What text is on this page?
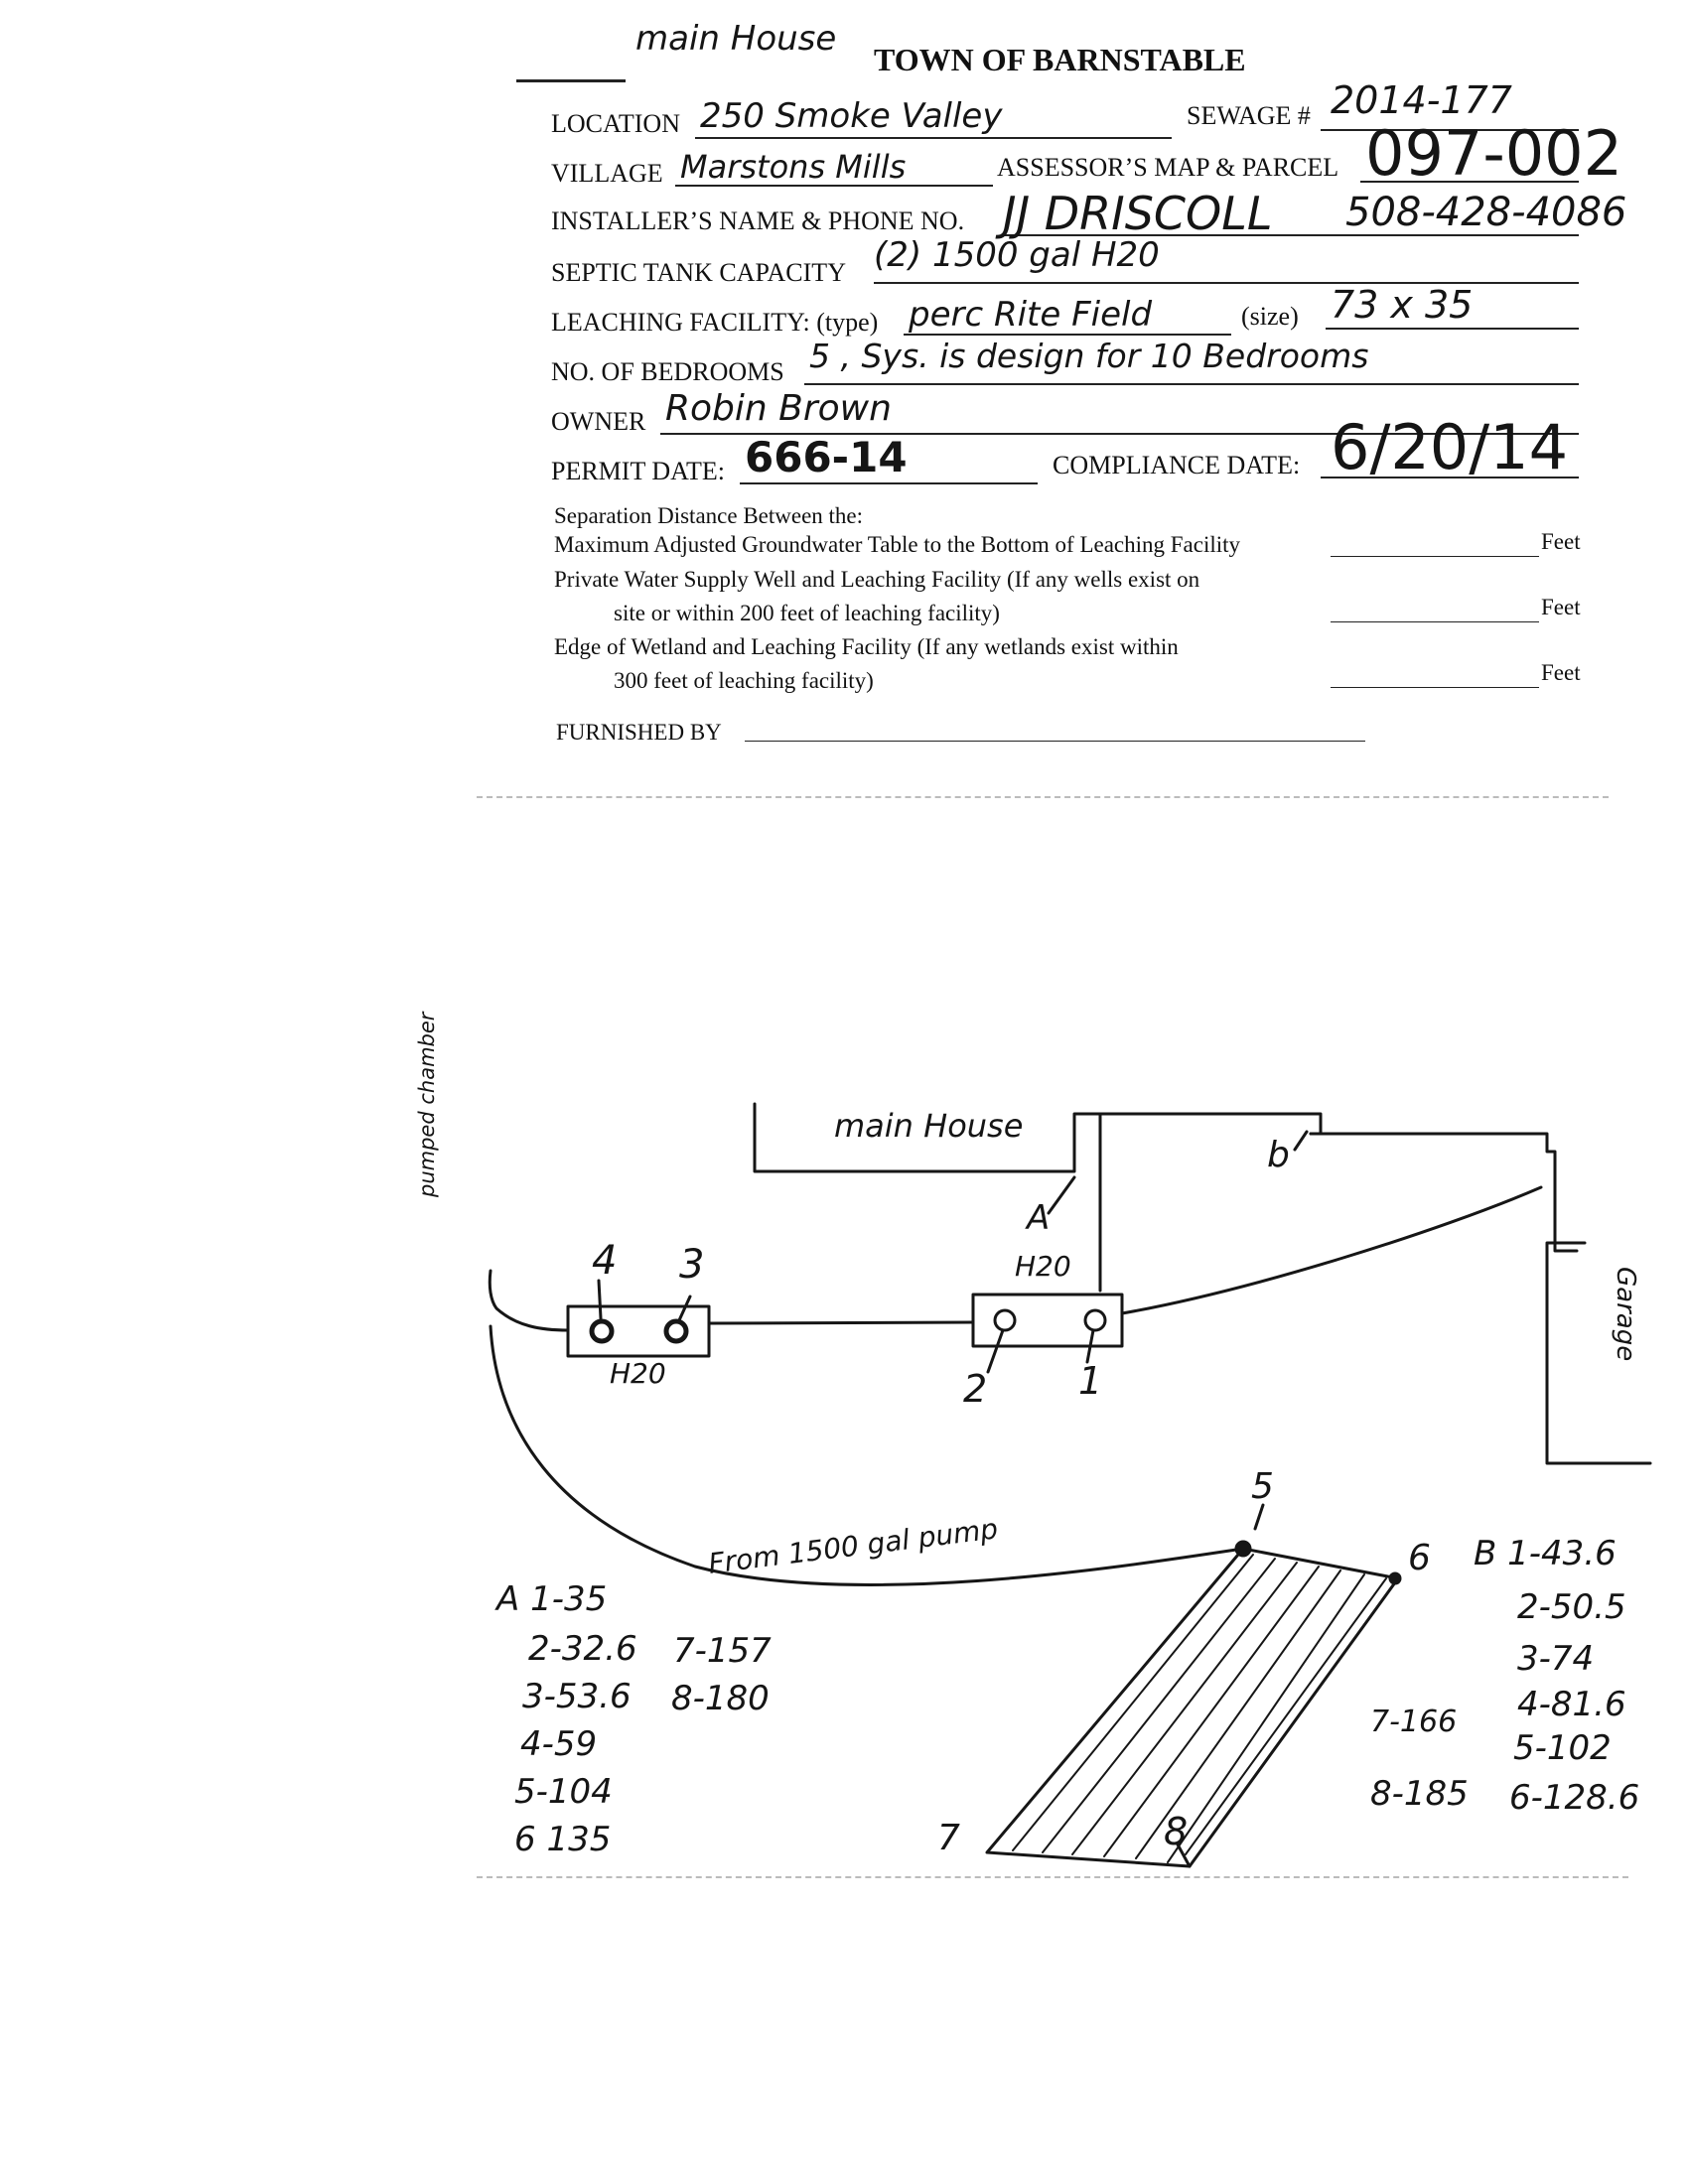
main House
TOWN OF BARNSTABLE
LOCATION 250 Smoke Valley	SEWAGE # 2014-177
VILLAGE Marstons Mills	ASSESSOR’S MAP & PARCEL 097-002
INSTALLER’S NAME & PHONE NO. JJ DRISCOLL 508-428-4086
SEPTIC TANK CAPACITY (2) 1500 gal H20
LEACHING FACILITY: (type) perc Rite Field	(size) 73 x 35
NO. OF BEDROOMS 5 , Sys. is design for 10 Bedrooms
OWNER Robin Brown
PERMIT DATE: 666-14	COMPLIANCE DATE: 6/20/14
Separation Distance Between the:
Maximum Adjusted Groundwater Table to the Bottom of Leaching Facility	Feet
Private Water Supply Well and Leaching Facility (If any wells exist on
site or within 200 feet of leaching facility)	Feet
Edge of Wetland and Leaching Facility (If any wetlands exist within
300 feet of leaching facility)	Feet
FURNISHED BY
main House
A
b
pumped chamber
H20
H20
4 3
2 1
Garage
From 1500 gal pump
5
6
7	8
A 1-35
2-32.6
3-53.6
4-59
5-104
6 135
7-157
8-180
B 1-43.6
2-50.5
3-74
4-81.6
5-102
6-128.6
7-166
8-185
